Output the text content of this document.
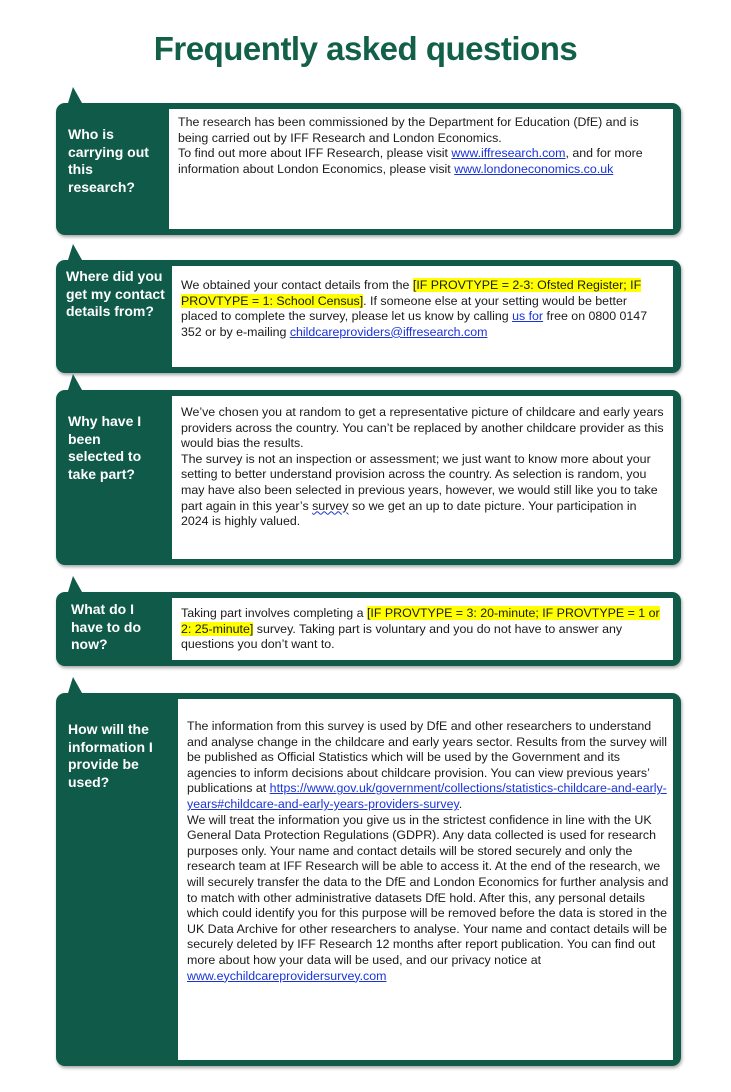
Frequently asked questions
Who is carrying out this research?

The research has been commissioned by the Department for Education (DfE) and is being carried out by IFF Research and London Economics.

To find out more about IFF Research, please visit www.iffresearch.com, and for more information about London Economics, please visit www.londoneconomics.co.uk

Where did you get my contact details from?

We obtained your contact details from the [IF PROVTYPE = 2-3: Ofsted Register; IF PROVTYPE = 1: School Census]. If someone else at your setting would be better placed to complete the survey, please let us know by calling us for free on 0800 0147 352 or by e-mailing childcareproviders@iffresearch.com

Why have I been selected to take part?

We’ve chosen you at random to get a representative picture of childcare and early years providers across the country. You can’t be replaced by another childcare provider as this would bias the results.

The survey is not an inspection or assessment; we just want to know more about your setting to better understand provision across the country. As selection is random, you may have also been selected in previous years, however, we would still like you to take part again in this year’s survey so we get an up to date picture. Your participation in 2024 is highly valued.

What do I have to do now?

Taking part involves completing a [IF PROVTYPE = 3: 20-minute; IF PROVTYPE = 1 or 2: 25-minute] survey. Taking part is voluntary and you do not have to answer any questions you don’t want to.

How will the information I provide be used?

The information from this survey is used by DfE and other researchers to understand and analyse change in the childcare and early years sector. Results from the survey will be published as Official Statistics which will be used by the Government and its agencies to inform decisions about childcare provision. You can view previous years’ publications at https://www.gov.uk/government/collections/statistics-childcare-and-early-years#childcare-and-early-years-providers-survey.

We will treat the information you give us in the strictest confidence in line with the UK General Data Protection Regulations (GDPR). Any data collected is used for research purposes only. Your name and contact details will be stored securely and only the research team at IFF Research will be able to access it. At the end of the research, we will securely transfer the data to the DfE and London Economics for further analysis and to match with other administrative datasets DfE hold. After this, any personal details which could identify you for this purpose will be removed before the data is stored in the UK Data Archive for other researchers to analyse. Your name and contact details will be securely deleted by IFF Research 12 months after report publication. You can find out more about how your data will be used, and our privacy notice at www.eychildcareprovidersurvey.com
